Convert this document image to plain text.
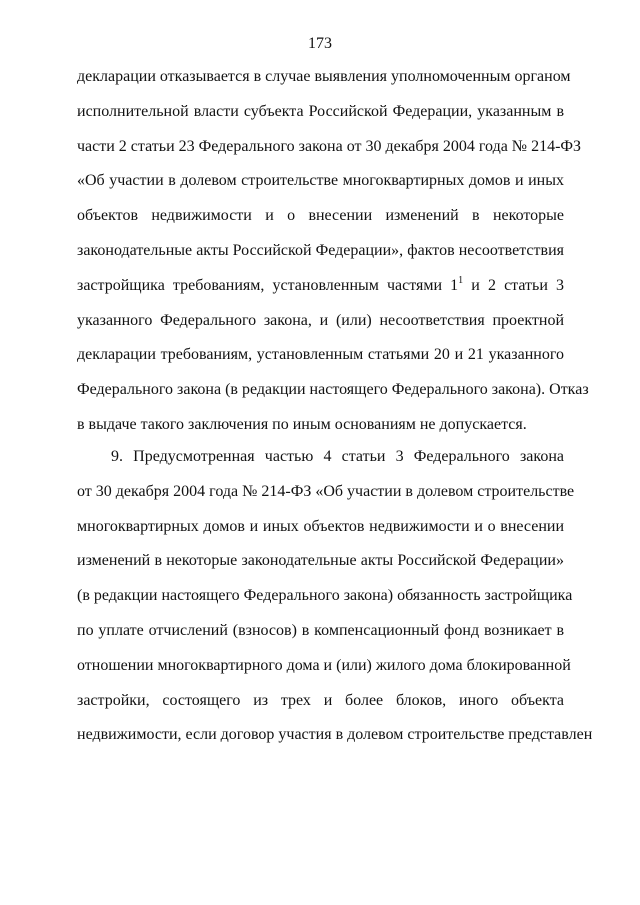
173
декларации отказывается в случае выявления уполномоченным органом
исполнительной власти субъекта Российской Федерации, указанным в
части 2 статьи 23 Федерального закона от 30 декабря 2004 года № 214-ФЗ
«Об участии в долевом строительстве многоквартирных домов и иных
объектов недвижимости и о внесении изменений в некоторые
законодательные акты Российской Федерации», фактов несоответствия
застройщика требованиям, установленным частями $1^1$ и 2 статьи 3
указанного Федерального закона, и (или) несоответствия проектной
декларации требованиям, установленным статьями 20 и 21 указанного
Федерального закона (в редакции настоящего Федерального закона). Отказ
в выдаче такого заключения по иным основаниям не допускается.
9. Предусмотренная частью 4 статьи 3 Федерального закона
от 30 декабря 2004 года № 214-ФЗ «Об участии в долевом строительстве
многоквартирных домов и иных объектов недвижимости и о внесении
изменений в некоторые законодательные акты Российской Федерации»
(в редакции настоящего Федерального закона) обязанность застройщика
по уплате отчислений (взносов) в компенсационный фонд возникает в
отношении многоквартирного дома и (или) жилого дома блокированной
застройки, состоящего из трех и более блоков, иного объекта
недвижимости, если договор участия в долевом строительстве представлен
